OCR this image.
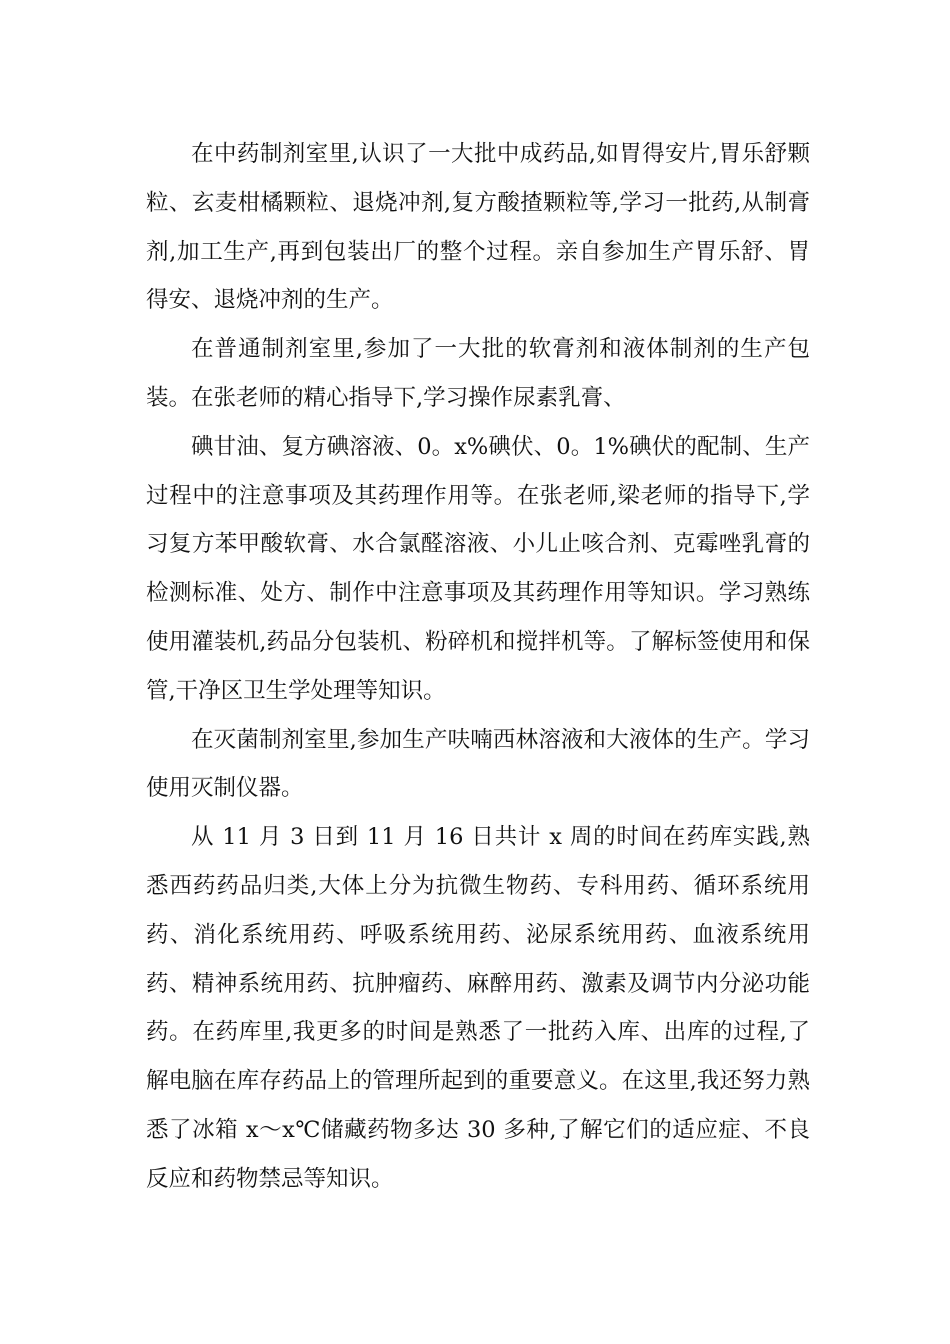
在中药制剂室里,认识了一大批中成药品,如胃得安片,胃乐舒颗粒、玄麦柑橘颗粒、退烧冲剂,复方酸揸颗粒等,学习一批药,从制膏剂,加工生产,再到包装出厂的整个过程。亲自参加生产胃乐舒、胃得安、退烧冲剂的生产。

在普通制剂室里,参加了一大批的软膏剂和液体制剂的生产包装。在张老师的精心指导下,学习操作尿素乳膏、

碘甘油、复方碘溶液、0。x%碘伏、0。1%碘伏的配制、生产过程中的注意事项及其药理作用等。在张老师,梁老师的指导下,学习复方苯甲酸软膏、水合氯醛溶液、小儿止咳合剂、克霉唑乳膏的检测标准、处方、制作中注意事项及其药理作用等知识。学习熟练使用灌装机,药品分包装机、粉碎机和搅拌机等。了解标签使用和保管,干净区卫生学处理等知识。

在灭菌制剂室里,参加生产呋喃西林溶液和大液体的生产。学习使用灭制仪器。

从 11 月 3 日到 11 月 16 日共计 x 周的时间在药库实践,熟悉西药药品归类,大体上分为抗微生物药、专科用药、循环系统用药、消化系统用药、呼吸系统用药、泌尿系统用药、血液系统用药、精神系统用药、抗肿瘤药、麻醉用药、激素及调节内分泌功能药。在药库里,我更多的时间是熟悉了一批药入库、出库的过程,了解电脑在库存药品上的管理所起到的重要意义。在这里,我还努力熟悉了冰箱 x～x℃储藏药物多达 30 多种,了解它们的适应症、不良反应和药物禁忌等知识。
